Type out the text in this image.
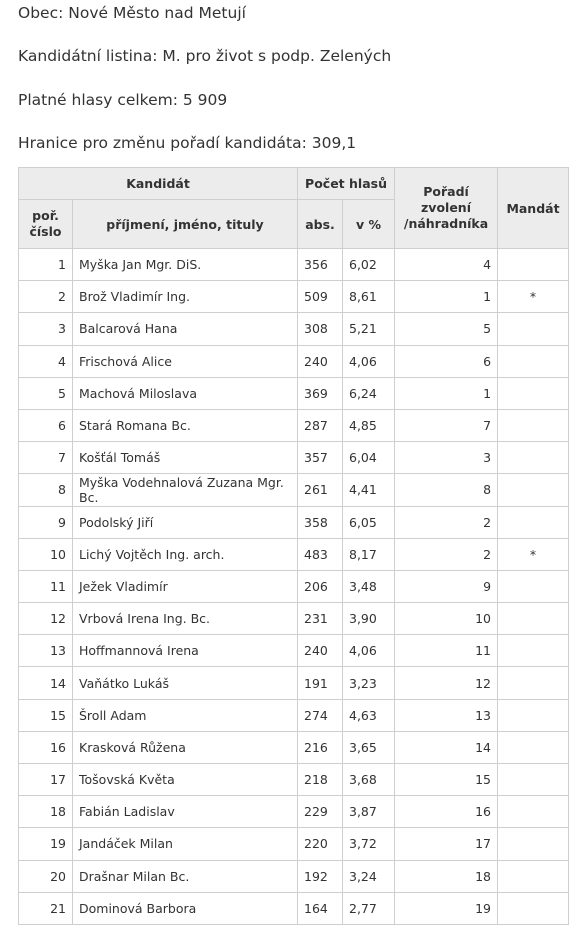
Obec: Nové Město nad Metují
Kandidátní listina: M. pro život s podp. Zelených
Platné hlasy celkem: 5 909
Hranice pro změnu pořadí kandidáta: 309,1
Kandidát		Počet hlasů		Pořadí
zvolení
/náhradníka	Mandát
poř.
číslo	příjmení, jméno, tituly	abs.	v %		
1	Myška Jan Mgr. DiS.	356	6,02	4	
2	Brož Vladimír Ing.	509	8,61	1	*
3	Balcarová Hana	308	5,21	5	
4	Frischová Alice	240	4,06	6	
5	Machová Miloslava	369	6,24	1	
6	Stará Romana Bc.	287	4,85	7	
7	Košťál Tomáš	357	6,04	3	
8	Myška Vodehnalová Zuzana Mgr. Bc.	261	4,41	8	
9	Podolský Jiří	358	6,05	2	
10	Lichý Vojtěch Ing. arch.	483	8,17	2	*
11	Ježek Vladimír	206	3,48	9	
12	Vrbová Irena Ing. Bc.	231	3,90	10	
13	Hoffmannová Irena	240	4,06	11	
14	Vaňátko Lukáš	191	3,23	12	
15	Šroll Adam	274	4,63	13	
16	Krasková Růžena	216	3,65	14	
17	Tošovská Květa	218	3,68	15	
18	Fabián Ladislav	229	3,87	16	
19	Jandáček Milan	220	3,72	17	
20	Drašnar Milan Bc.	192	3,24	18	
21	Dominová Barbora	164	2,77	19	
